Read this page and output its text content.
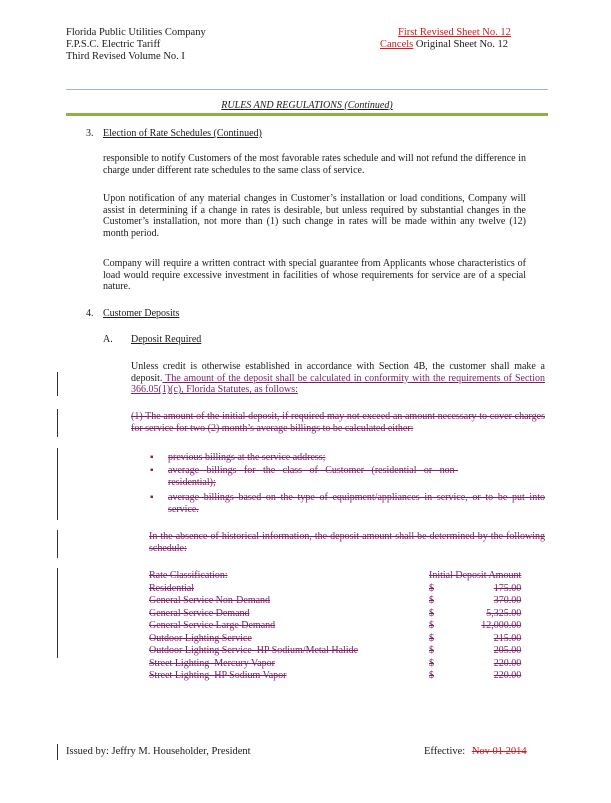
Florida Public Utilities Company
F.P.S.C. Electric Tariff
Third Revised Volume No. I
First Revised Sheet No. 12
Cancels Original Sheet No. 12
RULES AND REGULATIONS (Continued)
3. Election of Rate Schedules (Continued)
responsible to notify Customers of the most favorable rates schedule and will not refund the difference in charge under different rate schedules to the same class of service.
Upon notification of any material changes in Customer’s installation or load conditions, Company will assist in determining if a change in rates is desirable, but unless required by substantial changes in the Customer’s installation, not more than (1) such change in rates will be made within any twelve (12) month period.
Company will require a written contract with special guarantee from Applicants whose characteristics of load would require excessive investment in facilities of whose requirements for service are of a special nature.
4. Customer Deposits
A. Deposit Required
Unless credit is otherwise established in accordance with Section 4B, the customer shall make a deposit. The amount of the deposit shall be calculated in conformity with the requirements of Section 366.05(1)(c), Florida Statutes, as follows:
(1) The amount of the initial deposit, if required may not exceed an amount necessary to cover charges for service for two (2) month’s average billings to be calculated either:
▪ previous billings at the service address;
▪ average billings for the class of Customer (residential or non-residential);
▪ average billings based on the type of equipment/appliances in service, or to be put into service.
In the absence of historical information, the deposit amount shall be determined by the following schedule:
Rate Classification:	Initial Deposit Amount	
Residential	$	175.00
General Service Non-Demand	$	370.00
General Service Demand	$	5,325.00
General Service Large Demand	$	12,000.00
Outdoor Lighting Service	$	215.00
Outdoor Lighting Service–HP Sodium/Metal Halide	$	205.00
Street Lighting–Mercury Vapor	$	220.00
Street Lighting–HP Sodium Vapor	$	220.00
Issued by: Jeffry M. Householder, President	Effective: Nov 01 2014
